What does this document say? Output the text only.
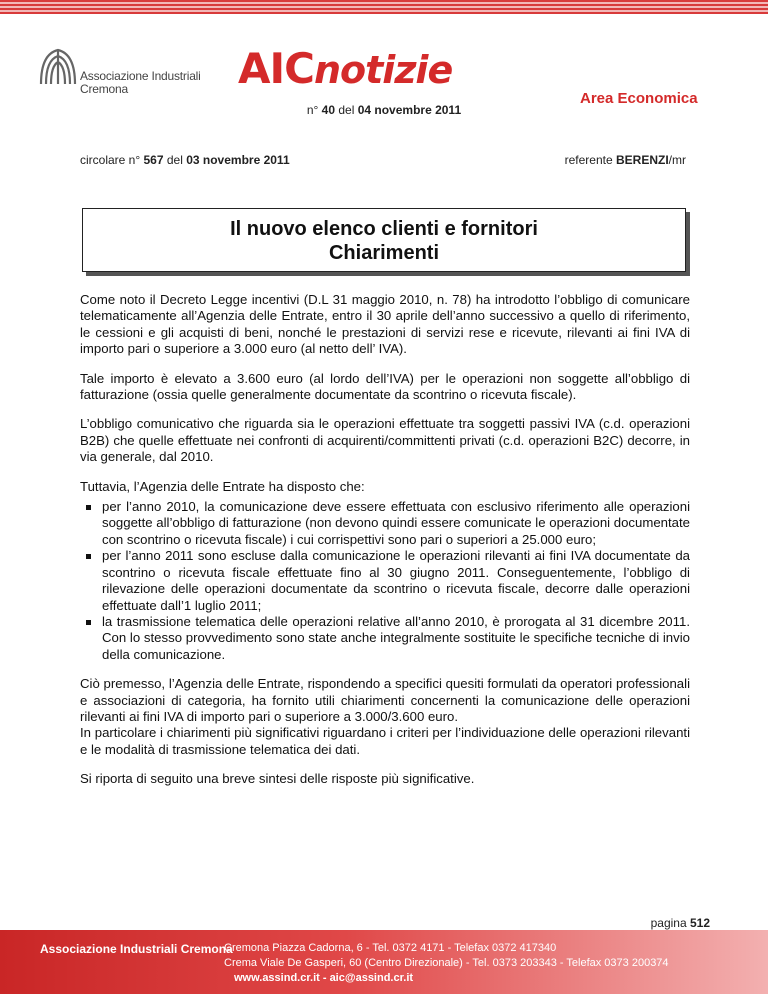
Associazione Industriali
Cremona	AICnotizie
Area Economica
n° 40 del 04 novembre 2011
circolare n° 567 del 03 novembre 2011	referente BERENZI/mr
Il nuovo elenco clienti e fornitori
Chiarimenti

Come noto il Decreto Legge incentivi (D.L 31 maggio 2010, n. 78) ha introdotto l’obbligo di comunicare telematicamente all’Agenzia delle Entrate, entro il 30 aprile dell’anno successivo a quello di riferimento, le cessioni e gli acquisti di beni, nonché le prestazioni di servizi rese e ricevute, rilevanti ai fini IVA di importo pari o superiore a 3.000 euro (al netto dell’ IVA).

Tale importo è elevato a 3.600 euro (al lordo dell’IVA) per le operazioni non soggette all’obbligo di fatturazione (ossia quelle generalmente documentate da scontrino o ricevuta fiscale).

L’obbligo comunicativo che riguarda sia le operazioni effettuate tra soggetti passivi IVA (c.d. operazioni B2B) che quelle effettuate nei confronti di acquirenti/committenti privati (c.d. operazioni B2C) decorre, in via generale, dal 2010.

Tuttavia, l’Agenzia delle Entrate ha disposto che:

per l’anno 2010, la comunicazione deve essere effettuata con esclusivo riferimento alle operazioni soggette all’obbligo di fatturazione (non devono quindi essere comunicate le operazioni documentate con scontrino o ricevuta fiscale) i cui corrispettivi sono pari o superiori a 25.000 euro;
per l’anno 2011 sono escluse dalla comunicazione le operazioni rilevanti ai fini IVA documentate da scontrino o ricevuta fiscale effettuate fino al 30 giugno 2011. Conseguentemente, l’obbligo di rilevazione delle operazioni documentate da scontrino o ricevuta fiscale, decorre dalle operazioni effettuate dall’1 luglio 2011;
la trasmissione telematica delle operazioni relative all’anno 2010, è prorogata al 31 dicembre 2011. Con lo stesso provvedimento sono state anche integralmente sostituite le specifiche tecniche di invio della comunicazione.

Ciò premesso, l’Agenzia delle Entrate, rispondendo a specifici quesiti formulati da operatori professionali e associazioni di categoria, ha fornito utili chiarimenti concernenti la comunicazione delle operazioni rilevanti ai fini IVA di importo pari o superiore a 3.000/3.600 euro.

In particolare i chiarimenti più significativi riguardano i criteri per l’individuazione delle operazioni rilevanti e le modalità di trasmissione telematica dei dati.

Si riporta di seguito una breve sintesi delle risposte più significative.

pagina 512
Associazione Industriali Cremona
Cremona Piazza Cadorna, 6 - Tel. 0372 4171 - Telefax 0372 417340
Crema Viale De Gasperi, 60 (Centro Direzionale) - Tel. 0373 203343 - Telefax 0373 200374
www.assind.cr.it - aic@assind.cr.it
